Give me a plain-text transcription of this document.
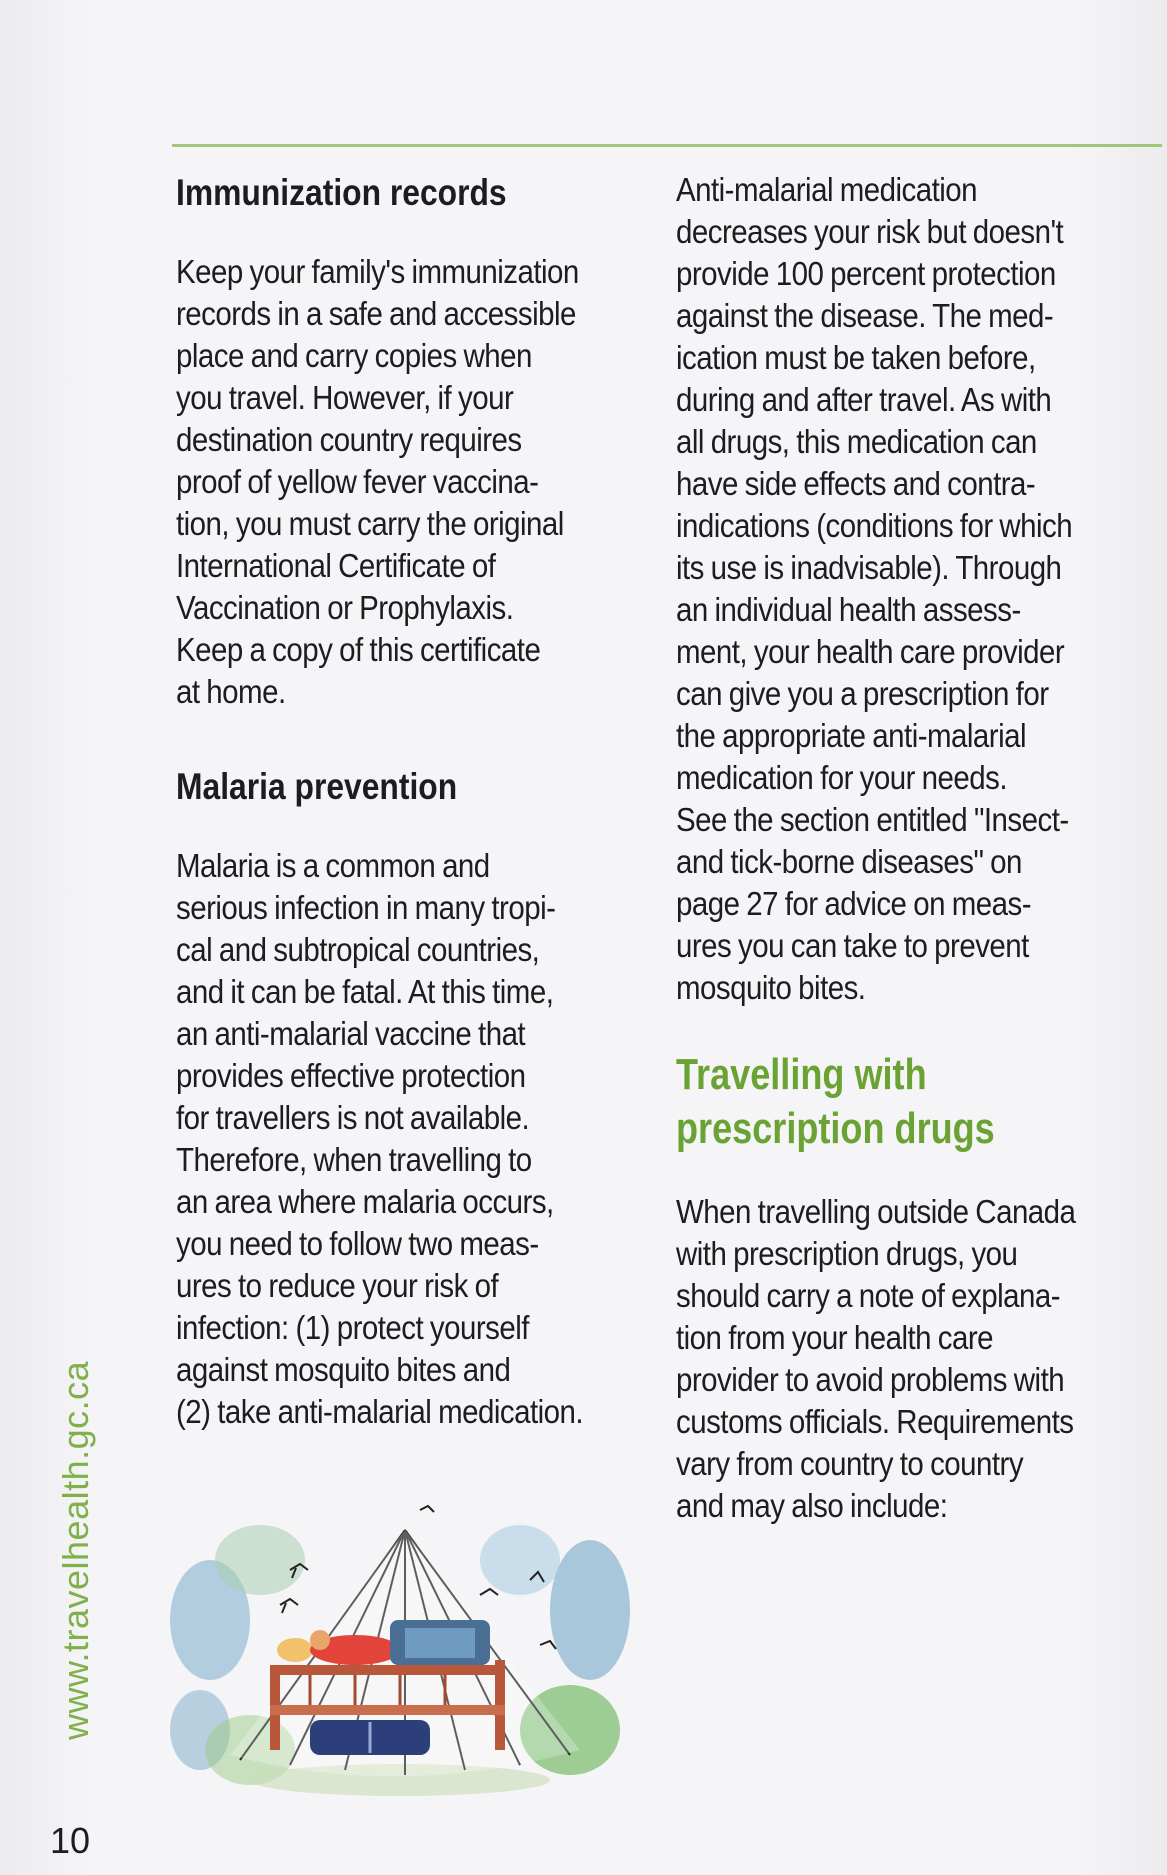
Immunization records

Keep your family's immunization
records in a safe and accessible
place and carry copies when
you travel. However, if your
destination country requires
proof of yellow fever vaccina-
tion, you must carry the original
International Certificate of
Vaccination or Prophylaxis.
Keep a copy of this certificate
at home.

Malaria prevention

Malaria is a common and
serious infection in many tropi-
cal and subtropical countries,
and it can be fatal. At this time,
an anti-malarial vaccine that
provides effective protection
for travellers is not available.
Therefore, when travelling to
an area where malaria occurs,
you need to follow two meas-
ures to reduce your risk of
infection: (1) protect yourself
against mosquito bites and
(2) take anti-malarial medication.

Anti-malarial medication
decreases your risk but doesn't
provide 100 percent protection
against the disease. The med-
ication must be taken before,
during and after travel. As with
all drugs, this medication can
have side effects and contra-
indications (conditions for which
its use is inadvisable). Through
an individual health assess-
ment, your health care provider
can give you a prescription for
the appropriate anti-malarial
medication for your needs.
See the section entitled "Insect-
and tick-borne diseases" on
page 27 for advice on meas-
ures you can take to prevent
mosquito bites.

Travelling with
prescription drugs

When travelling outside Canada
with prescription drugs, you
should carry a note of explana-
tion from your health care
provider to avoid problems with
customs officials. Requirements
vary from country to country
and may also include:

www.travelhealth.gc.ca
10
